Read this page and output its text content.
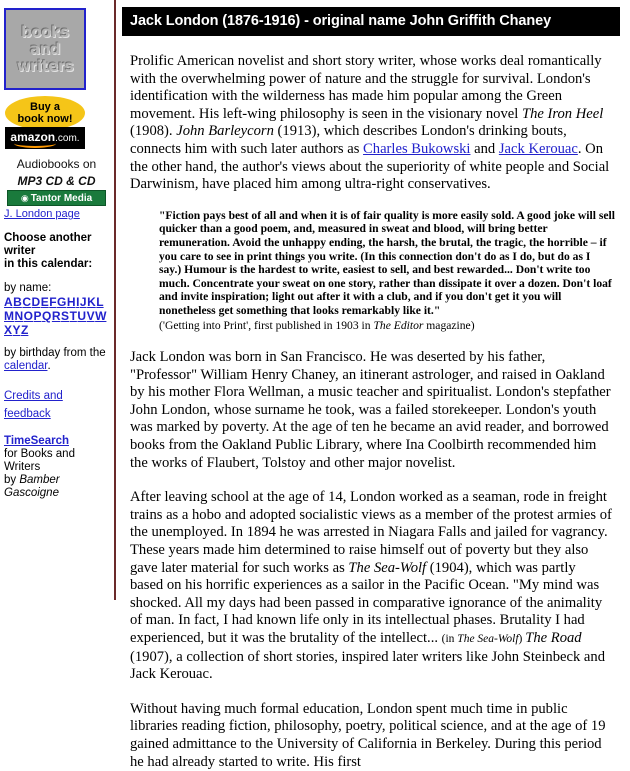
books
and
writers
Buy a
book now!
amazon.com.
Audiobooks on
MP3 CD & CD
◉ Tantor Media
J. London page
Choose another writer
in this calendar:
by name:
ABCDEFGHIJKL
MNOPQRSTUVW
XYZ
by birthday from the calendar.
Credits and feedback
TimeSearch
for Books and Writers
by Bamber Gascoigne
Jack London (1876-1916) - original name John Griffith Chaney
Prolific American novelist and short story writer, whose works deal romantically with the overwhelming power of nature and the struggle for survival. London's identification with the wilderness has made him popular among the Green movement. His left-wing philosophy is seen in the visionary novel The Iron Heel (1908). John Barleycorn (1913), which describes London's drinking bouts, connects him with such later authors as Charles Bukowski and Jack Kerouac. On the other hand, the author's views about the superiority of white people and Social Darwinism, have placed him among ultra-right conservatives.
"Fiction pays best of all and when it is of fair quality is more easily sold. A good joke will sell quicker than a good poem, and, measured in sweat and blood, will bring better remuneration. Avoid the unhappy ending, the harsh, the brutal, the tragic, the horrible – if you care to see in print things you write. (In this connection don't do as I do, but do as I say.) Humour is the hardest to write, easiest to sell, and best rewarded... Don't write too much. Concentrate your sweat on one story, rather than dissipate it over a dozen. Don't loaf and invite inspiration; light out after it with a club, and if you don't get it you will nonetheless get something that looks remarkably like it."
('Getting into Print', first published in 1903 in The Editor magazine)
Jack London was born in San Francisco. He was deserted by his father, "Professor" William Henry Chaney, an itinerant astrologer, and raised in Oakland by his mother Flora Wellman, a music teacher and spiritualist. London's stepfather John London, whose surname he took, was a failed storekeeper. London's youth was marked by poverty. At the age of ten he became an avid reader, and borrowed books from the Oakland Public Library, where Ina Coolbirth recommended him the works of Flaubert, Tolstoy and other major novelist.
After leaving school at the age of 14, London worked as a seaman, rode in freight trains as a hobo and adopted socialistic views as a member of the protest armies of the unemployed. In 1894 he was arrested in Niagara Falls and jailed for vagrancy. These years made him determined to raise himself out of poverty but they also gave later material for such works as The Sea-Wolf (1904), which was partly based on his horrific experiences as a sailor in the Pacific Ocean. "My mind was shocked. All my days had been passed in comparative ignorance of the animality of man. In fact, I had known life only in its intellectual phases. Brutality I had experienced, but it was the brutality of the intellect... (in The Sea-Wolf) The Road (1907), a collection of short stories, inspired later writers like John Steinbeck and Jack Kerouac.
Without having much formal education, London spent much time in public libraries reading fiction, philosophy, poetry, political science, and at the age of 19 gained admittance to the University of California in Berkeley. During this period he had already started to write. His first
